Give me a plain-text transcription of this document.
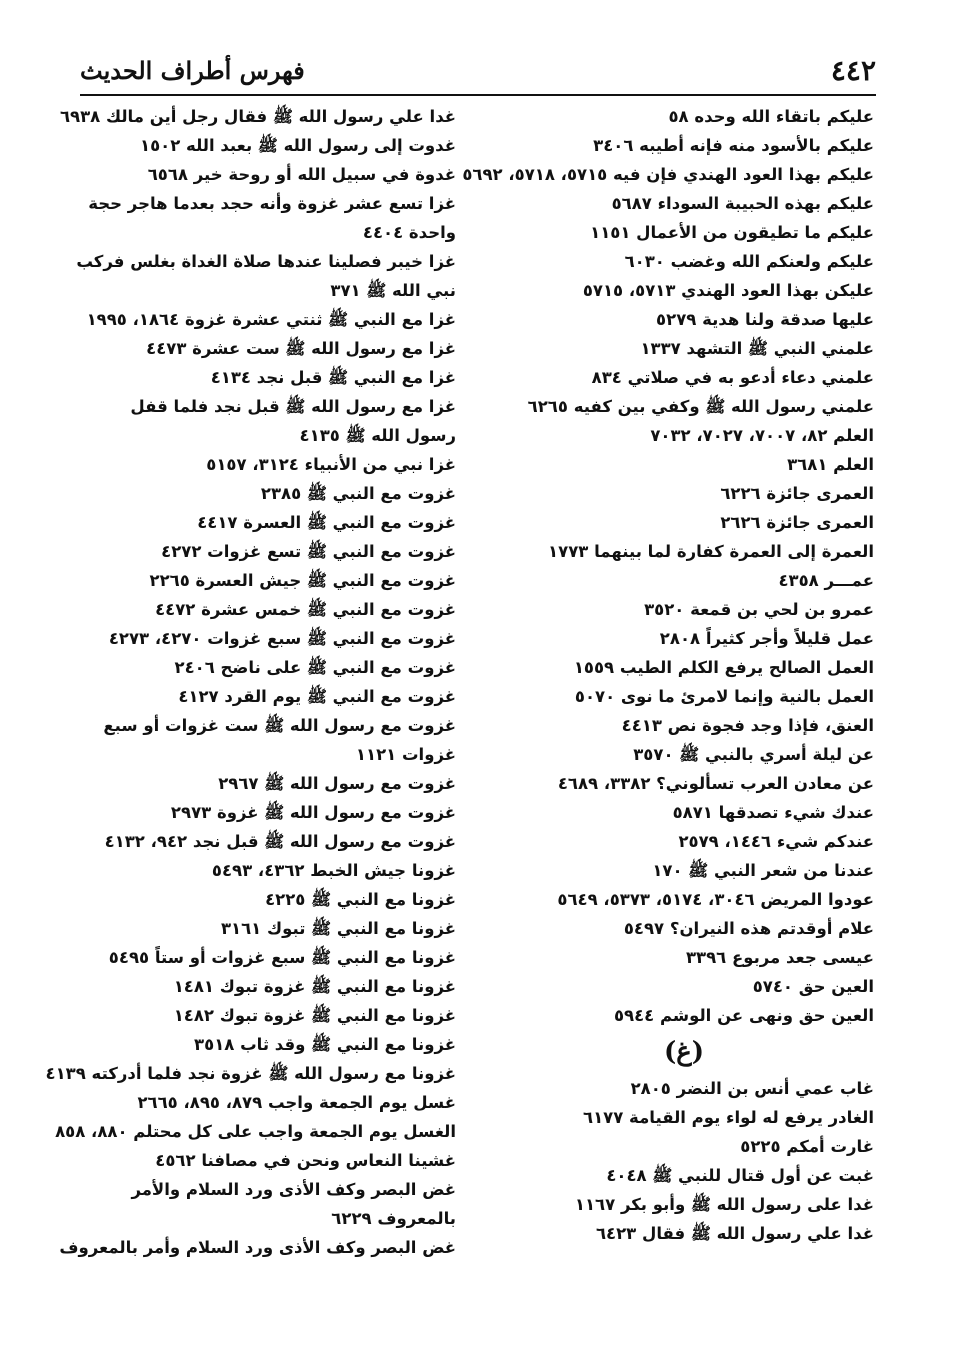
٤٤٢
فهرس أطراف الحديث
عليكم باتقاء الله وحده ٥٨
عليكم بالأسود منه فإنه أطيبه ٣٤٠٦
عليكم بهذا العود الهندي فإن فيه ٥٧١٥، ٥٧١٨، ٥٦٩٢
عليكم بهذه الحبيبة السوداء ٥٦٨٧
عليكم ما تطيقون من الأعمال ١١٥١
عليكم ولعنكم الله وغضب ٦٠٣٠
عليكن بهذا العود الهندي ٥٧١٣، ٥٧١٥
عليها صدقة ولنا هدية ٥٢٧٩
علمني النبي ﷺ التشهد ١٣٣٧
علمني دعاء أدعو به في صلاتي ٨٣٤
علمني رسول الله ﷺ وكفي بين كفيه ٦٢٦٥
العلم ٨٢، ٧٠٠٧، ٧٠٢٧، ٧٠٣٢
العلم ٣٦٨١
العمرى جائزة ٦٢٢٦
العمرى جائزة ٢٦٢٦
العمرة إلى العمرة كفارة لما بينهما ١٧٧٣
عمـــر ٤٣٥٨
عمرو بن لحي بن قمعة ٣٥٢٠
عمل قليلاً وأجر كثيراً ٢٨٠٨
العمل الصالح يرفع الكلم الطيب ١٥٥٩
العمل بالنية وإنما لامرئ ما نوى ٥٠٧٠
العنق، فإذا وجد فجوة نص ٤٤١٣
عن ليلة أسري بالنبي ﷺ ٣٥٧٠
عن معادن العرب تسألوني؟ ٣٣٨٢، ٤٦٨٩
عندك شيء تصدقها ٥٨٧١
عندكم شيء ١٤٤٦، ٢٥٧٩
عندنا من شعر النبي ﷺ ١٧٠
عودوا المريض ٣٠٤٦، ٥١٧٤، ٥٣٧٣، ٥٦٤٩
علام أوقدتم هذه النيران؟ ٥٤٩٧
عيسى جعد مربوع ٣٣٩٦
العين حق ٥٧٤٠
العين حق ونهى عن الوشم ٥٩٤٤
(غ)
غاب عمي أنس بن النضر ٢٨٠٥
الغادر يرفع له لواء يوم القيامة ٦١٧٧
غارت أمكم ٥٢٢٥
غبت عن أول قتال للنبي ﷺ ٤٠٤٨
غدا على رسول الله ﷺ وأبو بكر ١١٦٧
غدا علي رسول الله ﷺ فقال ٦٤٢٣
غدا علي رسول الله ﷺ فقال رجل أين مالك ٦٩٣٨
غدوت إلى رسول الله ﷺ بعبد الله ١٥٠٢
غدوة في سبيل الله أو روحة خير ٦٥٦٨
غزا تسع عشر غزوة وأنه حجد بعدما هاجر حجة واحدة ٤٤٠٤
غزا خيبر فصلينا عندها صلاة الغداة بغلس فركب نبي الله ﷺ ٣٧١
غزا مع النبي ﷺ ثنتي عشرة غزوة ١٨٦٤، ١٩٩٥
غزا مع رسول الله ﷺ ست عشرة ٤٤٧٣
غزا مع النبي ﷺ قبل نجد ٤١٣٤
غزا مع رسول الله ﷺ قبل نجد فلما قفل رسول الله ﷺ ٤١٣٥
غزا نبي من الأنبياء ٣١٢٤، ٥١٥٧
غزوت مع النبي ﷺ ٢٣٨٥
غزوت مع النبي ﷺ العسرة ٤٤١٧
غزوت مع النبي ﷺ تسع غزوات ٤٢٧٢
غزوت مع النبي ﷺ جيش العسرة ٢٢٦٥
غزوت مع النبي ﷺ خمس عشرة ٤٤٧٢
غزوت مع النبي ﷺ سبع غزوات ٤٢٧٠، ٤٢٧٣
غزوت مع النبي ﷺ على ناضح ٢٤٠٦
غزوت مع النبي ﷺ يوم القرد ٤١٢٧
غزوت مع رسول الله ﷺ ست غزوات أو سبع غزوات ١١٢١
غزوت مع رسول الله ﷺ ٢٩٦٧
غزوت مع رسول الله ﷺ غزوة ٢٩٧٣
غزوت مع رسول الله ﷺ قبل نجد ٩٤٢، ٤١٣٢
غزونا جيش الخبط ٤٣٦٢، ٥٤٩٣
غزونا مع النبي ﷺ ٤٢٢٥
غزونا مع النبي ﷺ تبوك ٣١٦١
غزونا مع النبي ﷺ سبع غزوات أو ستاً ٥٤٩٥
غزونا مع النبي ﷺ غزوة تبوك ١٤٨١
غزونا مع النبي ﷺ غزوة تبوك ١٤٨٢
غزونا مع النبي ﷺ وقد ثاب ٣٥١٨
غزونا مع رسول الله ﷺ غزوة نجد فلما أدركته ٤١٣٩
غسل يوم الجمعة واجب ٨٧٩، ٨٩٥، ٢٦٦٥
الغسل يوم الجمعة واجب على كل محتلم ٨٨٠، ٨٥٨
غشينا النعاس ونحن في مصافنا ٤٥٦٢
غض البصر وكف الأذى ورد السلام والأمر بالمعروف ٦٢٢٩
غض البصر وكف الأذى ورد السلام وأمر بالمعروف
